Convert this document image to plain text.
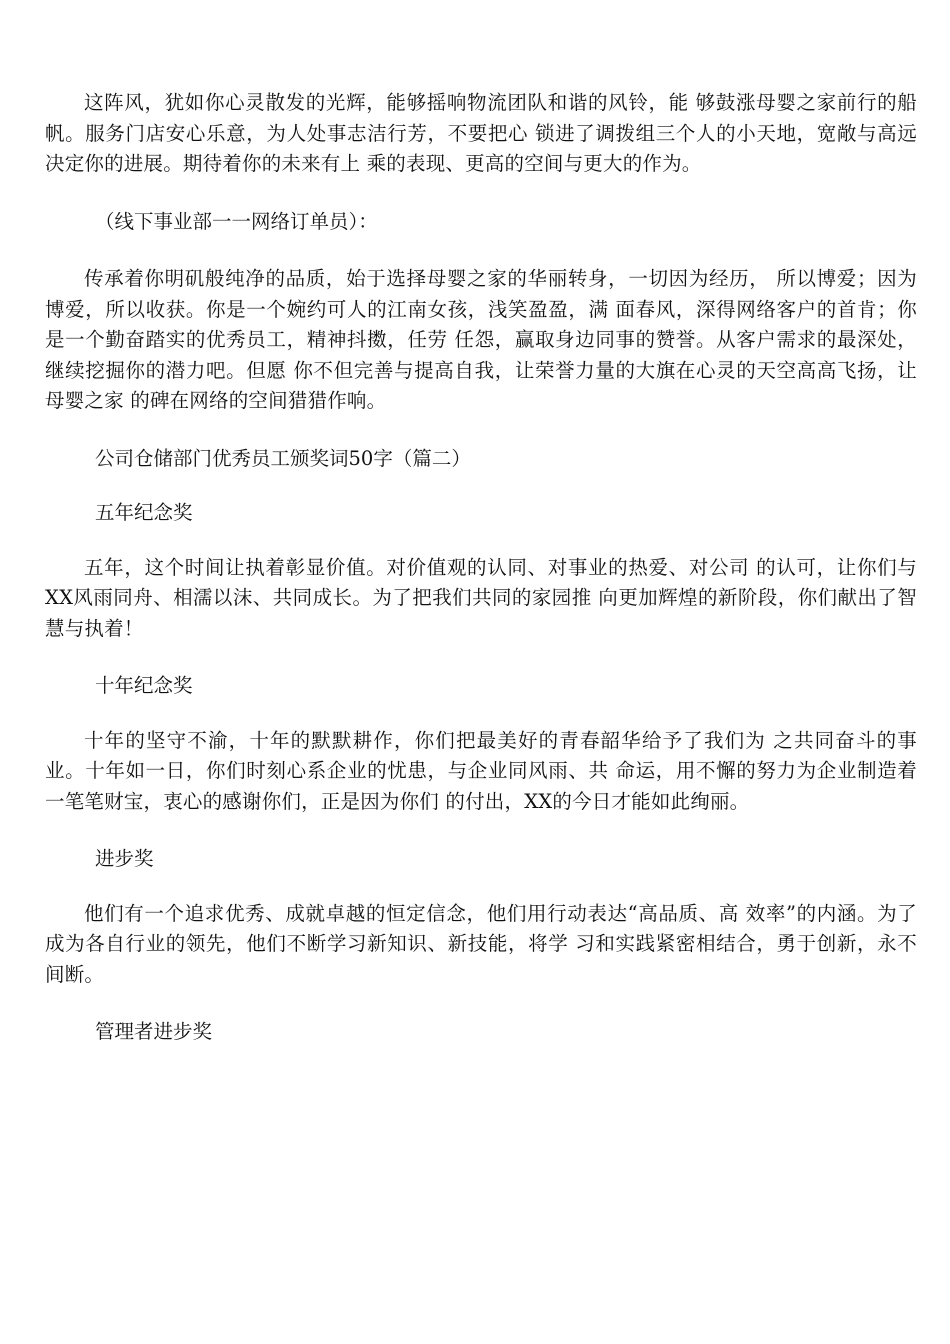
这阵风，犹如你心灵散发的光辉，能够摇响物流团队和谐的风铃，能 够鼓涨母婴之家前行的船帆。服务门店安心乐意，为人处事志洁行芳，不要把心 锁进了调拨组三个人的小天地，宽敞与高远决定你的进展。期待着你的未来有上 乘的表现、更高的空间与更大的作为。

（线下事业部一一网络订单员）：

传承着你明矶般纯净的品质，始于选择母婴之家的华丽转身，一切因为经历， 所以博爱；因为博爱，所以收获。你是一个婉约可人的江南女孩，浅笑盈盈，满 面春风，深得网络客户的首肯；你是一个勤奋踏实的优秀员工，精神抖擞，任劳 任怨，赢取身边同事的赞誉。从客户需求的最深处，继续挖掘你的潜力吧。但愿 你不但完善与提高自我，让荣誉力量的大旗在心灵的天空高高飞扬，让母婴之家 的碑在网络的空间猎猎作响。

公司仓储部门优秀员工颁奖词50字（篇二）

五年纪念奖

五年，这个时间让执着彰显价值。对价值观的认同、对事业的热爱、对公司 的认可，让你们与XX风雨同舟、相濡以沫、共同成长。为了把我们共同的家园推 向更加辉煌的新阶段，你们献出了智慧与执着！

十年纪念奖

十年的坚守不渝，十年的默默耕作，你们把最美好的青春韶华给予了我们为 之共同奋斗的事业。十年如一日，你们时刻心系企业的忧患，与企业同风雨、共 命运，用不懈的努力为企业制造着一笔笔财宝，衷心的感谢你们，正是因为你们 的付出，XX的今日才能如此绚丽。

进步奖

他们有一个追求优秀、成就卓越的恒定信念，他们用行动表达“高品质、高 效率”的内涵。为了成为各自行业的领先，他们不断学习新知识、新技能，将学 习和实践紧密相结合，勇于创新，永不间断。

管理者进步奖
